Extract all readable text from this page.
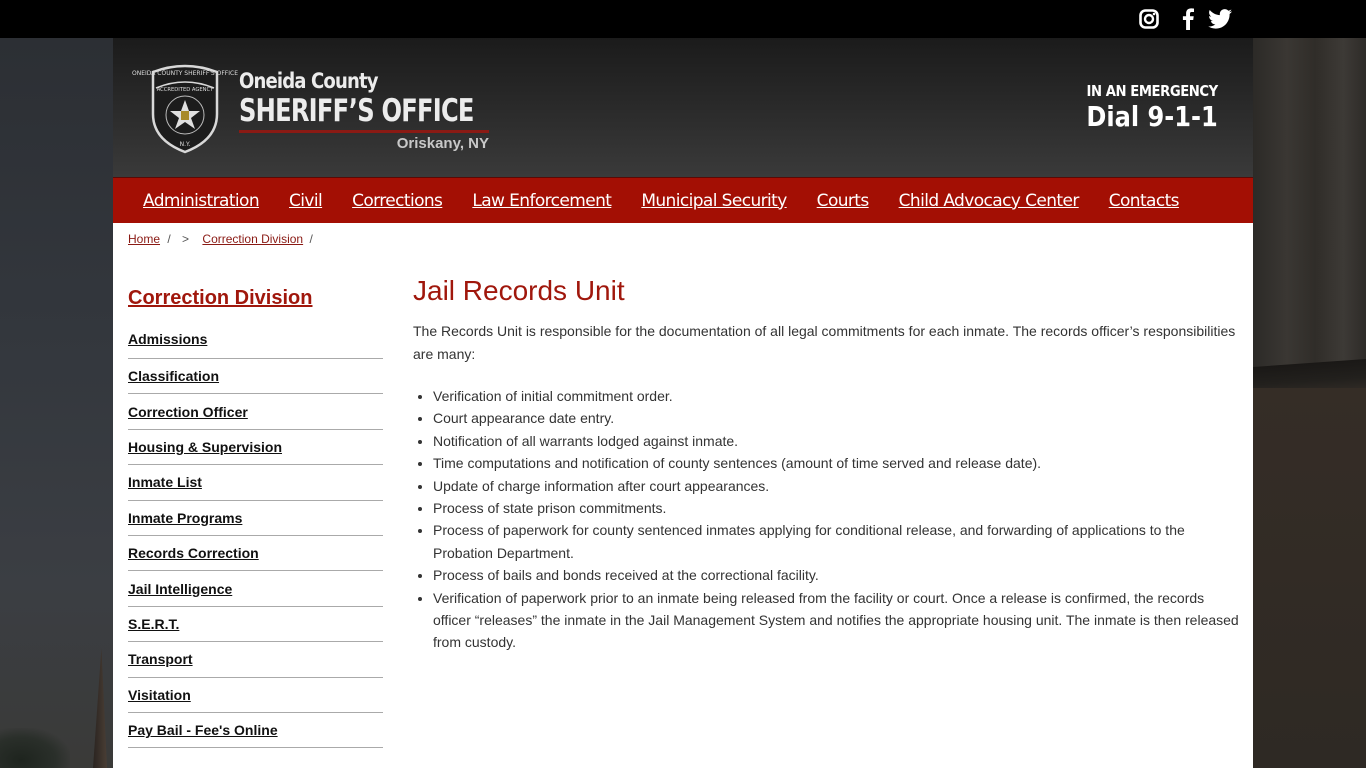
ONEIDA COUNTY SHERIFF'S OFFICE
ACCREDITED AGENCY
N.Y.
Oneida County
SHERIFF’S OFFICE
Oriskany, NY
IN AN EMERGENCY
Dial 9-1-1
Administration Civil Corrections Law Enforcement Municipal Security Courts Child Advocacy Center Contacts
Home / > Correction Division /
Correction Division
Admissions
Classification
Correction Officer
Housing & Supervision
Inmate List
Inmate Programs
Records Correction
Jail Intelligence
S.E.R.T.
Transport
Visitation
Pay Bail - Fee's Online
Jail Records Unit

The Records Unit is responsible for the documentation of all legal commitments for each inmate. The records officer’s responsibilities are many:

• Verification of initial commitment order.
• Court appearance date entry.
• Notification of all warrants lodged against inmate.
• Time computations and notification of county sentences (amount of time served and release date).
• Update of charge information after court appearances.
• Process of state prison commitments.
• Process of paperwork for county sentenced inmates applying for conditional release, and forwarding of applications to the Probation Department.
• Process of bails and bonds received at the correctional facility.
• Verification of paperwork prior to an inmate being released from the facility or court. Once a release is confirmed, the records officer “releases” the inmate in the Jail Management System and notifies the appropriate housing unit. The inmate is then released from custody.
